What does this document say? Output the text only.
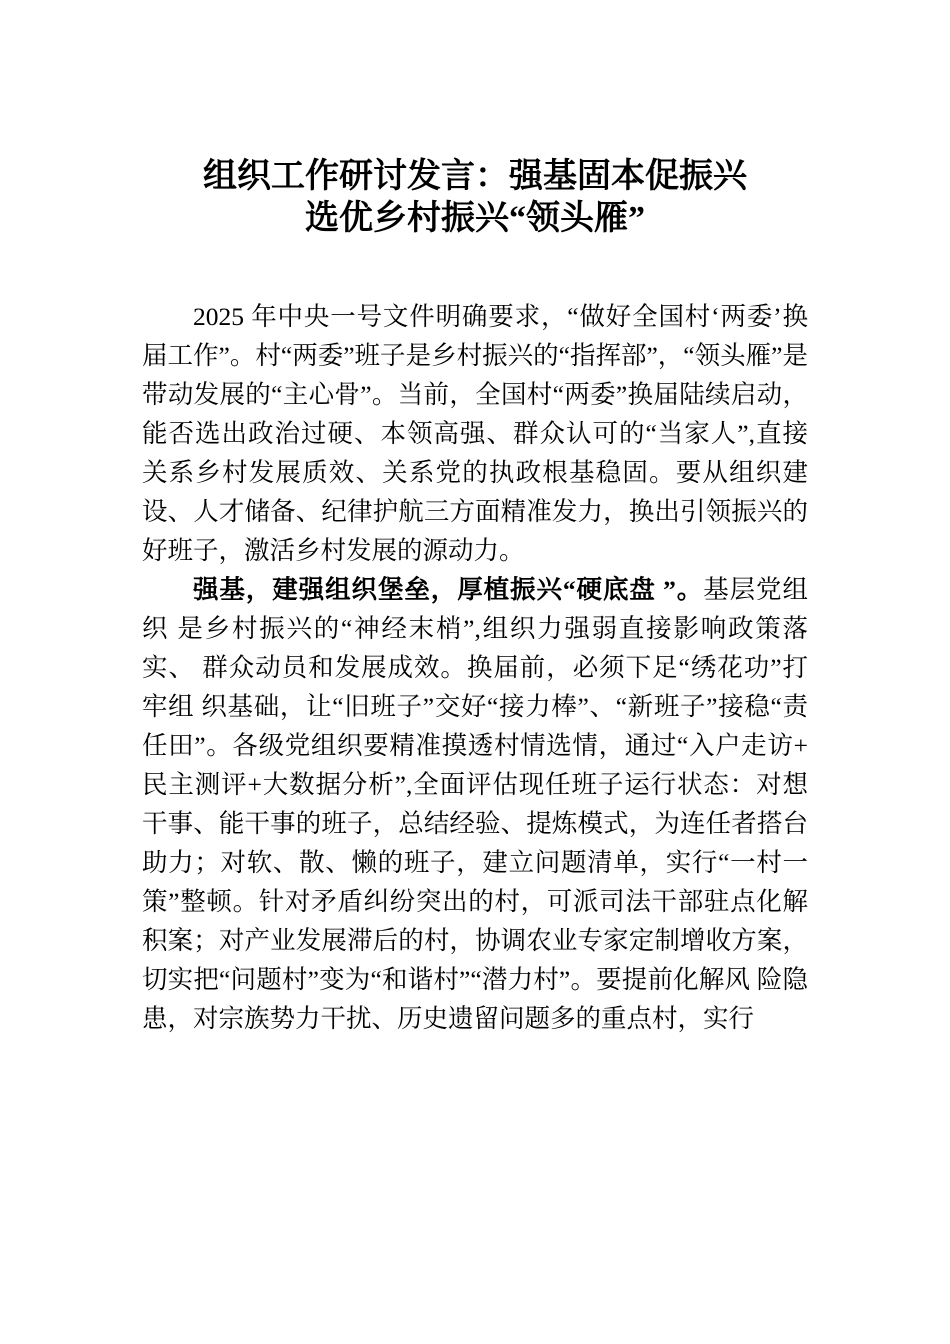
组织工作研讨发言：强基固本促振兴
选优乡村振兴“领头雁”

2025 年中央一号文件明确要求，“做好全国村‘两委’换届工作”。村“两委”班子是乡村振兴的“指挥部”，“领头雁”是带动发展的“主心骨”。当前，全国村“两委”换届陆续启动，能否选出政治过硬、本领高强、群众认可的“当家人”,直接关系乡村发展质效、关系党的执政根基稳固。要从组织建设、人才储备、纪律护航三方面精准发力，换出引领振兴的好班子，激活乡村发展的源动力。

强基，建强组织堡垒，厚植振兴“硬底盘 ”。基层党组织 是乡村振兴的“神经末梢”,组织力强弱直接影响政策落实、 群众动员和发展成效。换届前，必须下足“绣花功”打牢组 织基础，让“旧班子”交好“接力棒”、“新班子”接稳“责 任田”。各级党组织要精准摸透村情选情，通过“入户走访+ 民主测评+大数据分析”,全面评估现任班子运行状态：对想 干事、能干事的班子，总结经验、提炼模式，为连任者搭台 助力；对软、散、懒的班子，建立问题清单，实行“一村一 策”整顿。针对矛盾纠纷突出的村，可派司法干部驻点化解 积案；对产业发展滞后的村，协调农业专家定制增收方案， 切实把“问题村”变为“和谐村”“潜力村”。要提前化解风 险隐患，对宗族势力干扰、历史遗留问题多的重点村，实行
